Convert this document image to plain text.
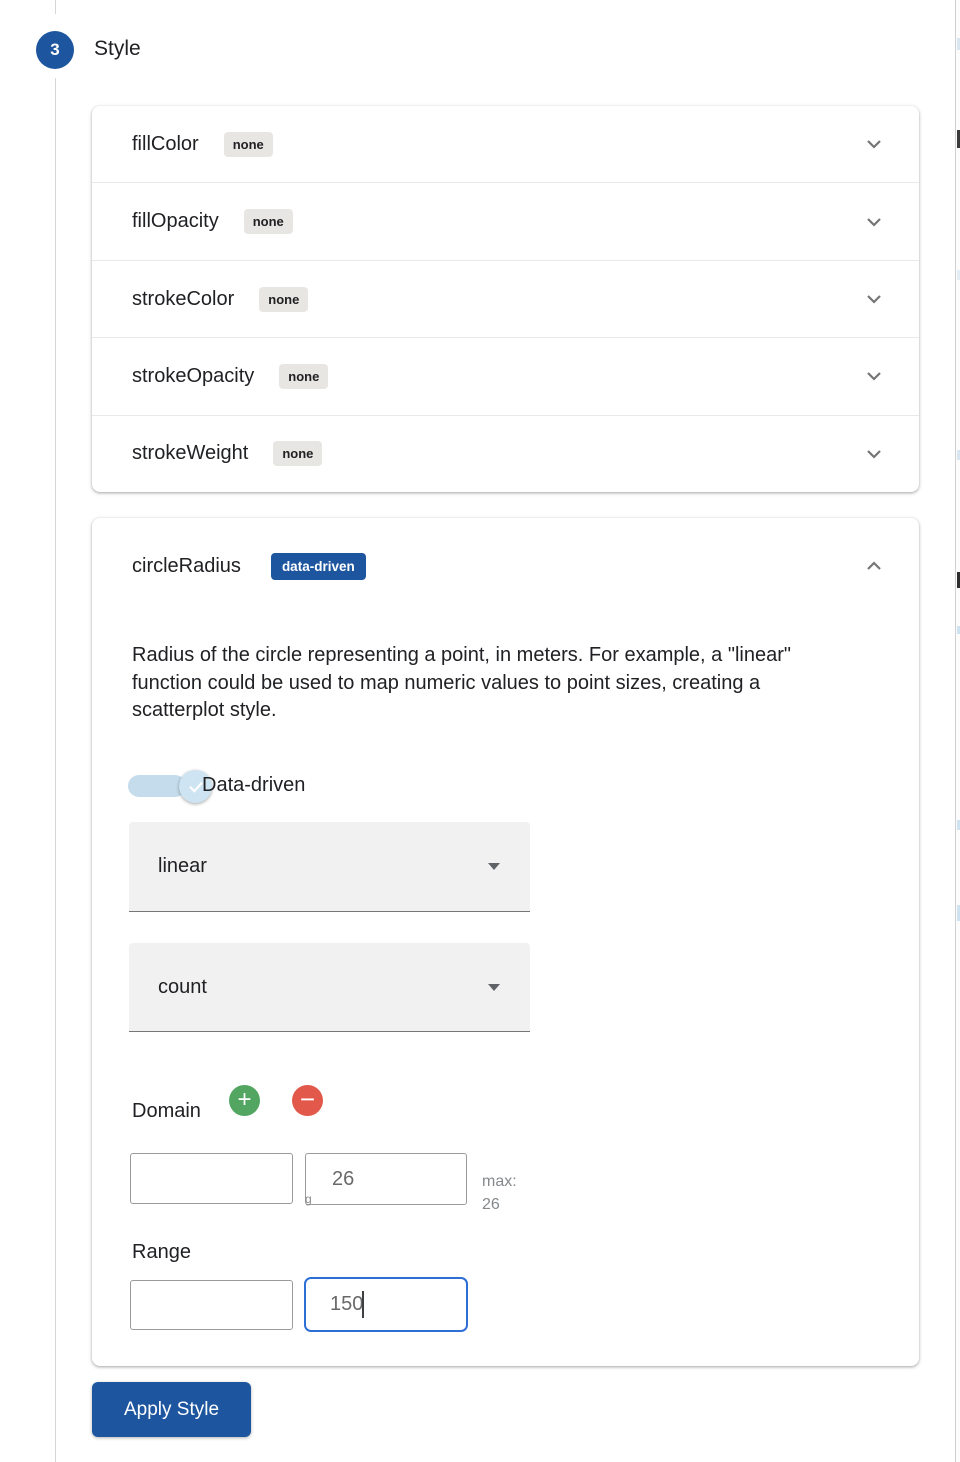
3 Style
fillColor	none
fillOpacity	none
strokeColor	none
strokeOpacity	none
strokeWeight	none
circleRadius	data-driven
Radius of the circle representing a point, in meters. For example, a "linear" function could be used to map numeric values to point sizes, creating a scatterplot style.
Data-driven
linear
count
Domain + −
26
max:
26
g
Range
150
Apply Style
